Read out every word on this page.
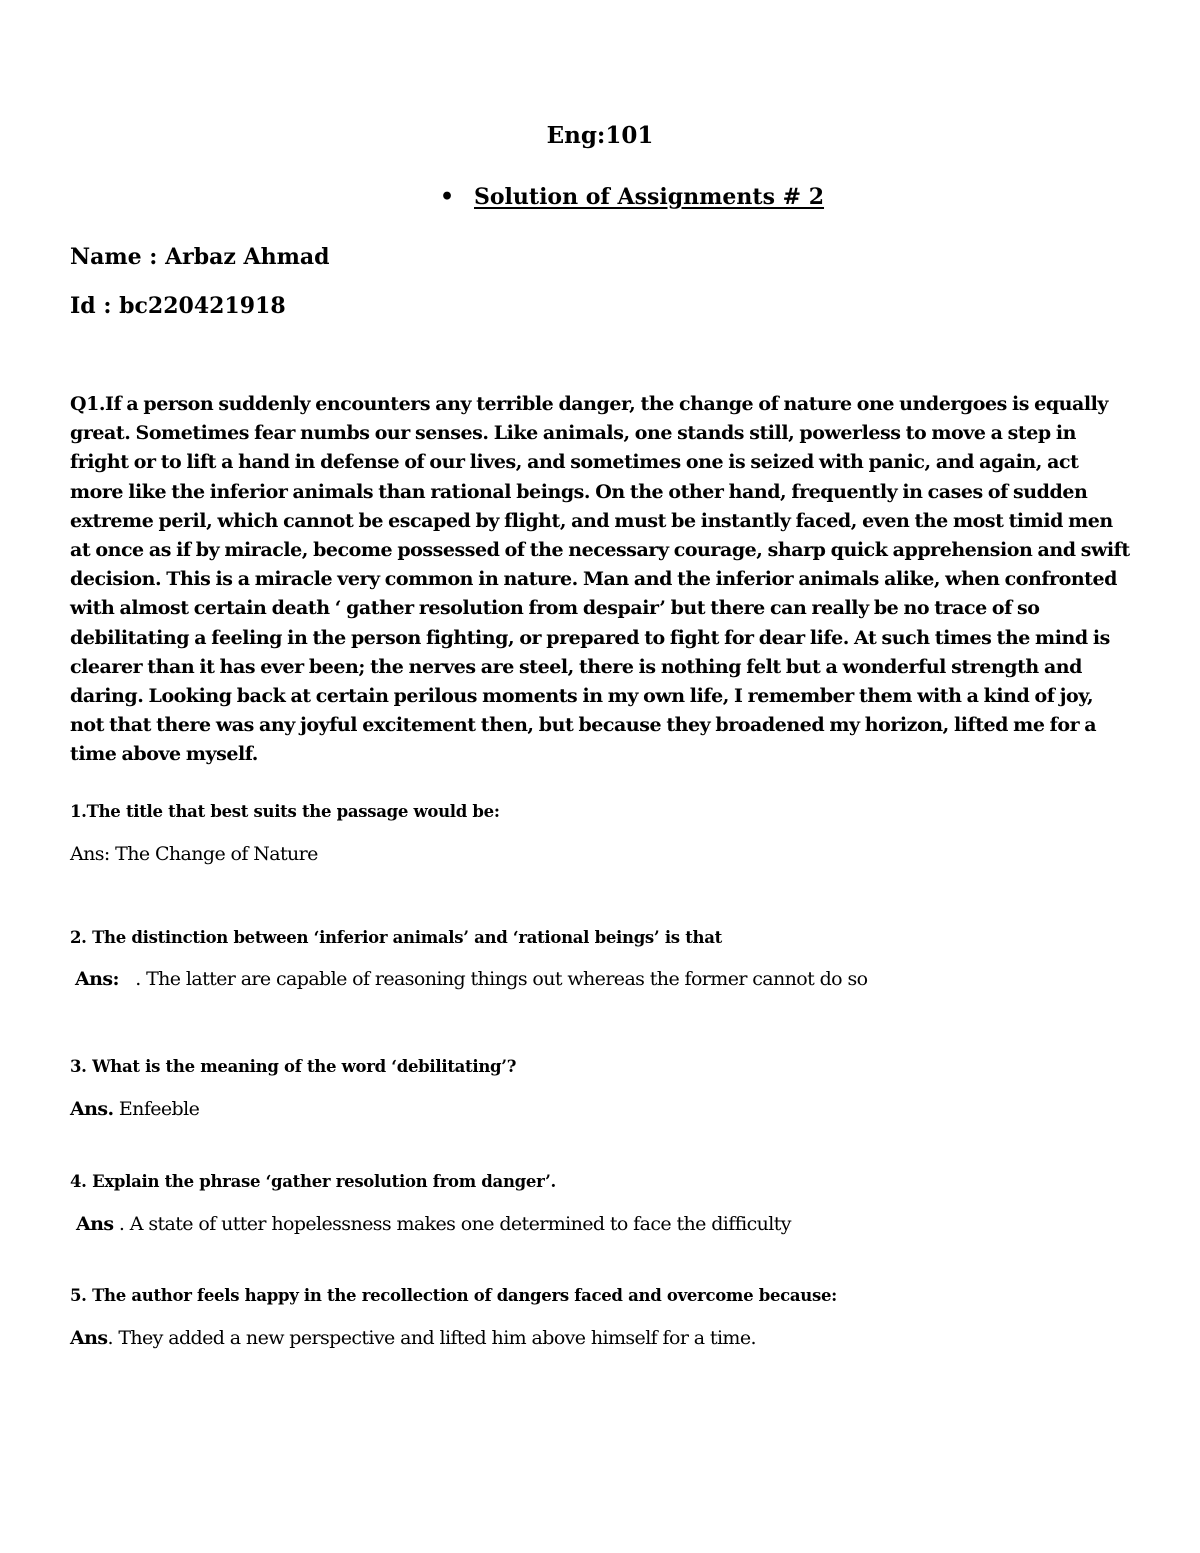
Eng:101
• Solution of Assignments # 2
Name : Arbaz Ahmad
Id : bc220421918

Q1.If a person suddenly encounters any terrible danger, the change of nature one undergoes is equally great. Sometimes fear numbs our senses. Like animals, one stands still, powerless to move a step in fright or to lift a hand in defense of our lives, and sometimes one is seized with panic, and again, act more like the inferior animals than rational beings. On the other hand, frequently in cases of sudden extreme peril, which cannot be escaped by flight, and must be instantly faced, even the most timid men at once as if by miracle, become possessed of the necessary courage, sharp quick apprehension and swift decision. This is a miracle very common in nature. Man and the inferior animals alike, when confronted with almost certain death ‘ gather resolution from despair’ but there can really be no trace of so debilitating a feeling in the person fighting, or prepared to fight for dear life. At such times the mind is clearer than it has ever been; the nerves are steel, there is nothing felt but a wonderful strength and daring. Looking back at certain perilous moments in my own life, I remember them with a kind of joy, not that there was any joyful excitement then, but because they broadened my horizon, lifted me for a time above myself.

1.The title that best suits the passage would be:
Ans: The Change of Nature
2. The distinction between ‘inferior animals’ and ‘rational beings’ is that
Ans:   . The latter are capable of reasoning things out whereas the former cannot do so
3. What is the meaning of the word ‘debilitating’?
Ans. Enfeeble
4. Explain the phrase ‘gather resolution from danger’.
Ans . A state of utter hopelessness makes one determined to face the difficulty
5. The author feels happy in the recollection of dangers faced and overcome because:
Ans. They added a new perspective and lifted him above himself for a time.
